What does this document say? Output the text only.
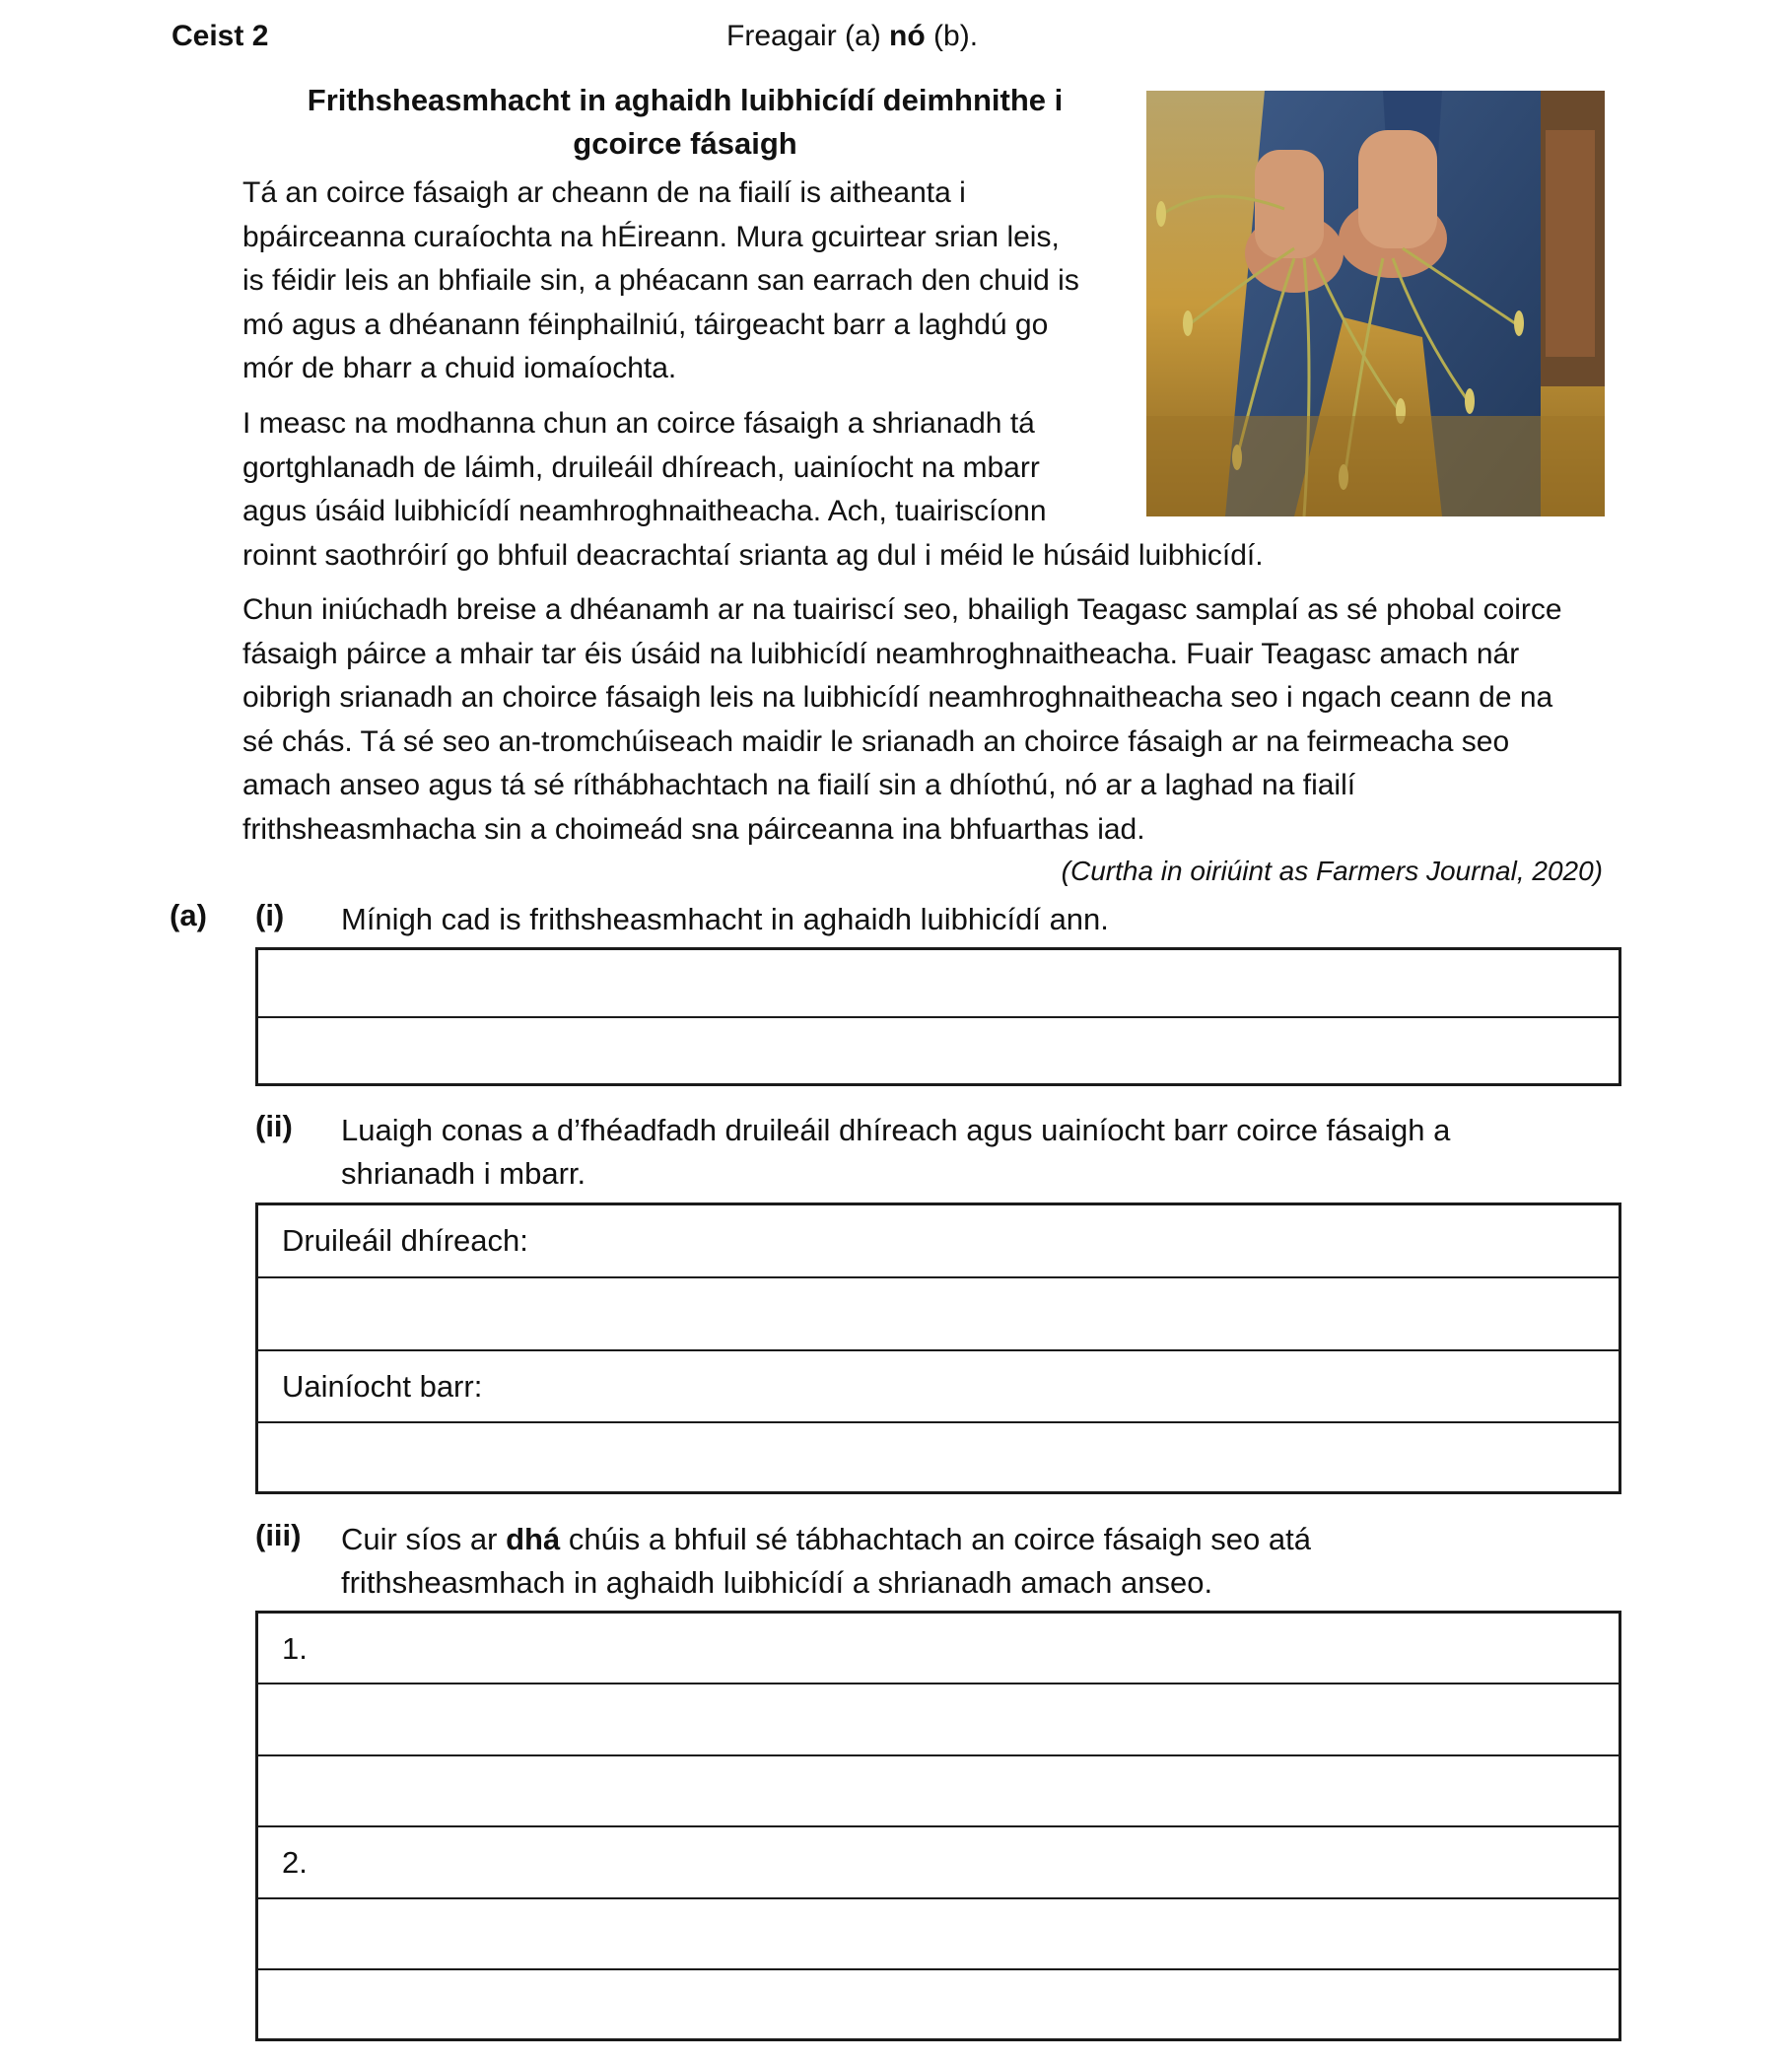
Ceist 2	Freagair (a) nó (b).
Frithsheasmhacht in aghaidh luibhicídí deimhnithe i gcoirce fásaigh
Tá an coirce fásaigh ar cheann de na fiailí is aitheanta i
bpáirceanna curaíochta na hÉireann. Mura gcuirtear srian leis,
is féidir leis an bhfiaile sin, a phéacann san earrach den chuid is
mó agus a dhéanann féinphailniú, táirgeacht barr a laghdú go
mór de bharr a chuid iomaíochta.
I measc na modhanna chun an coirce fásaigh a shrianadh tá
gortghlanadh de láimh, druileáil dhíreach, uainíocht na mbarr
agus úsáid luibhicídí neamhroghnaitheacha. Ach, tuairiscíonn
roinnt saothróirí go bhfuil deacrachtaí srianta ag dul i méid le húsáid luibhicídí.
Chun iniúchadh breise a dhéanamh ar na tuairiscí seo, bhailigh Teagasc samplaí as sé phobal coirce
fásaigh páirce a mhair tar éis úsáid na luibhicídí neamhroghnaitheacha. Fuair Teagasc amach nár
oibrigh srianadh an choirce fásaigh leis na luibhicídí neamhroghnaitheacha seo i ngach ceann de na
sé chás. Tá sé seo an-tromchúiseach maidir le srianadh an choirce fásaigh ar na feirmeacha seo
amach anseo agus tá sé ríthábhachtach na fiailí sin a dhíothú, nó ar a laghad na fiailí
frithsheasmhacha sin a choimeád sna páirceanna ina bhfuarthas iad.
(Curtha in oiriúint as Farmers Journal, 2020)
(a) (i) Mínigh cad is frithsheasmhacht in aghaidh luibhicídí ann.
(ii) Luaigh conas a d’fhéadfadh druileáil dhíreach agus uainíocht barr coirce fásaigh a
shrianadh i mbarr.
Druileáil dhíreach:
Uainíocht barr:
(iii) Cuir síos ar dhá chúis a bhfuil sé tábhachtach an coirce fásaigh seo atá
frithsheasmhach in aghaidh luibhicídí a shrianadh amach anseo.
1.
2.
